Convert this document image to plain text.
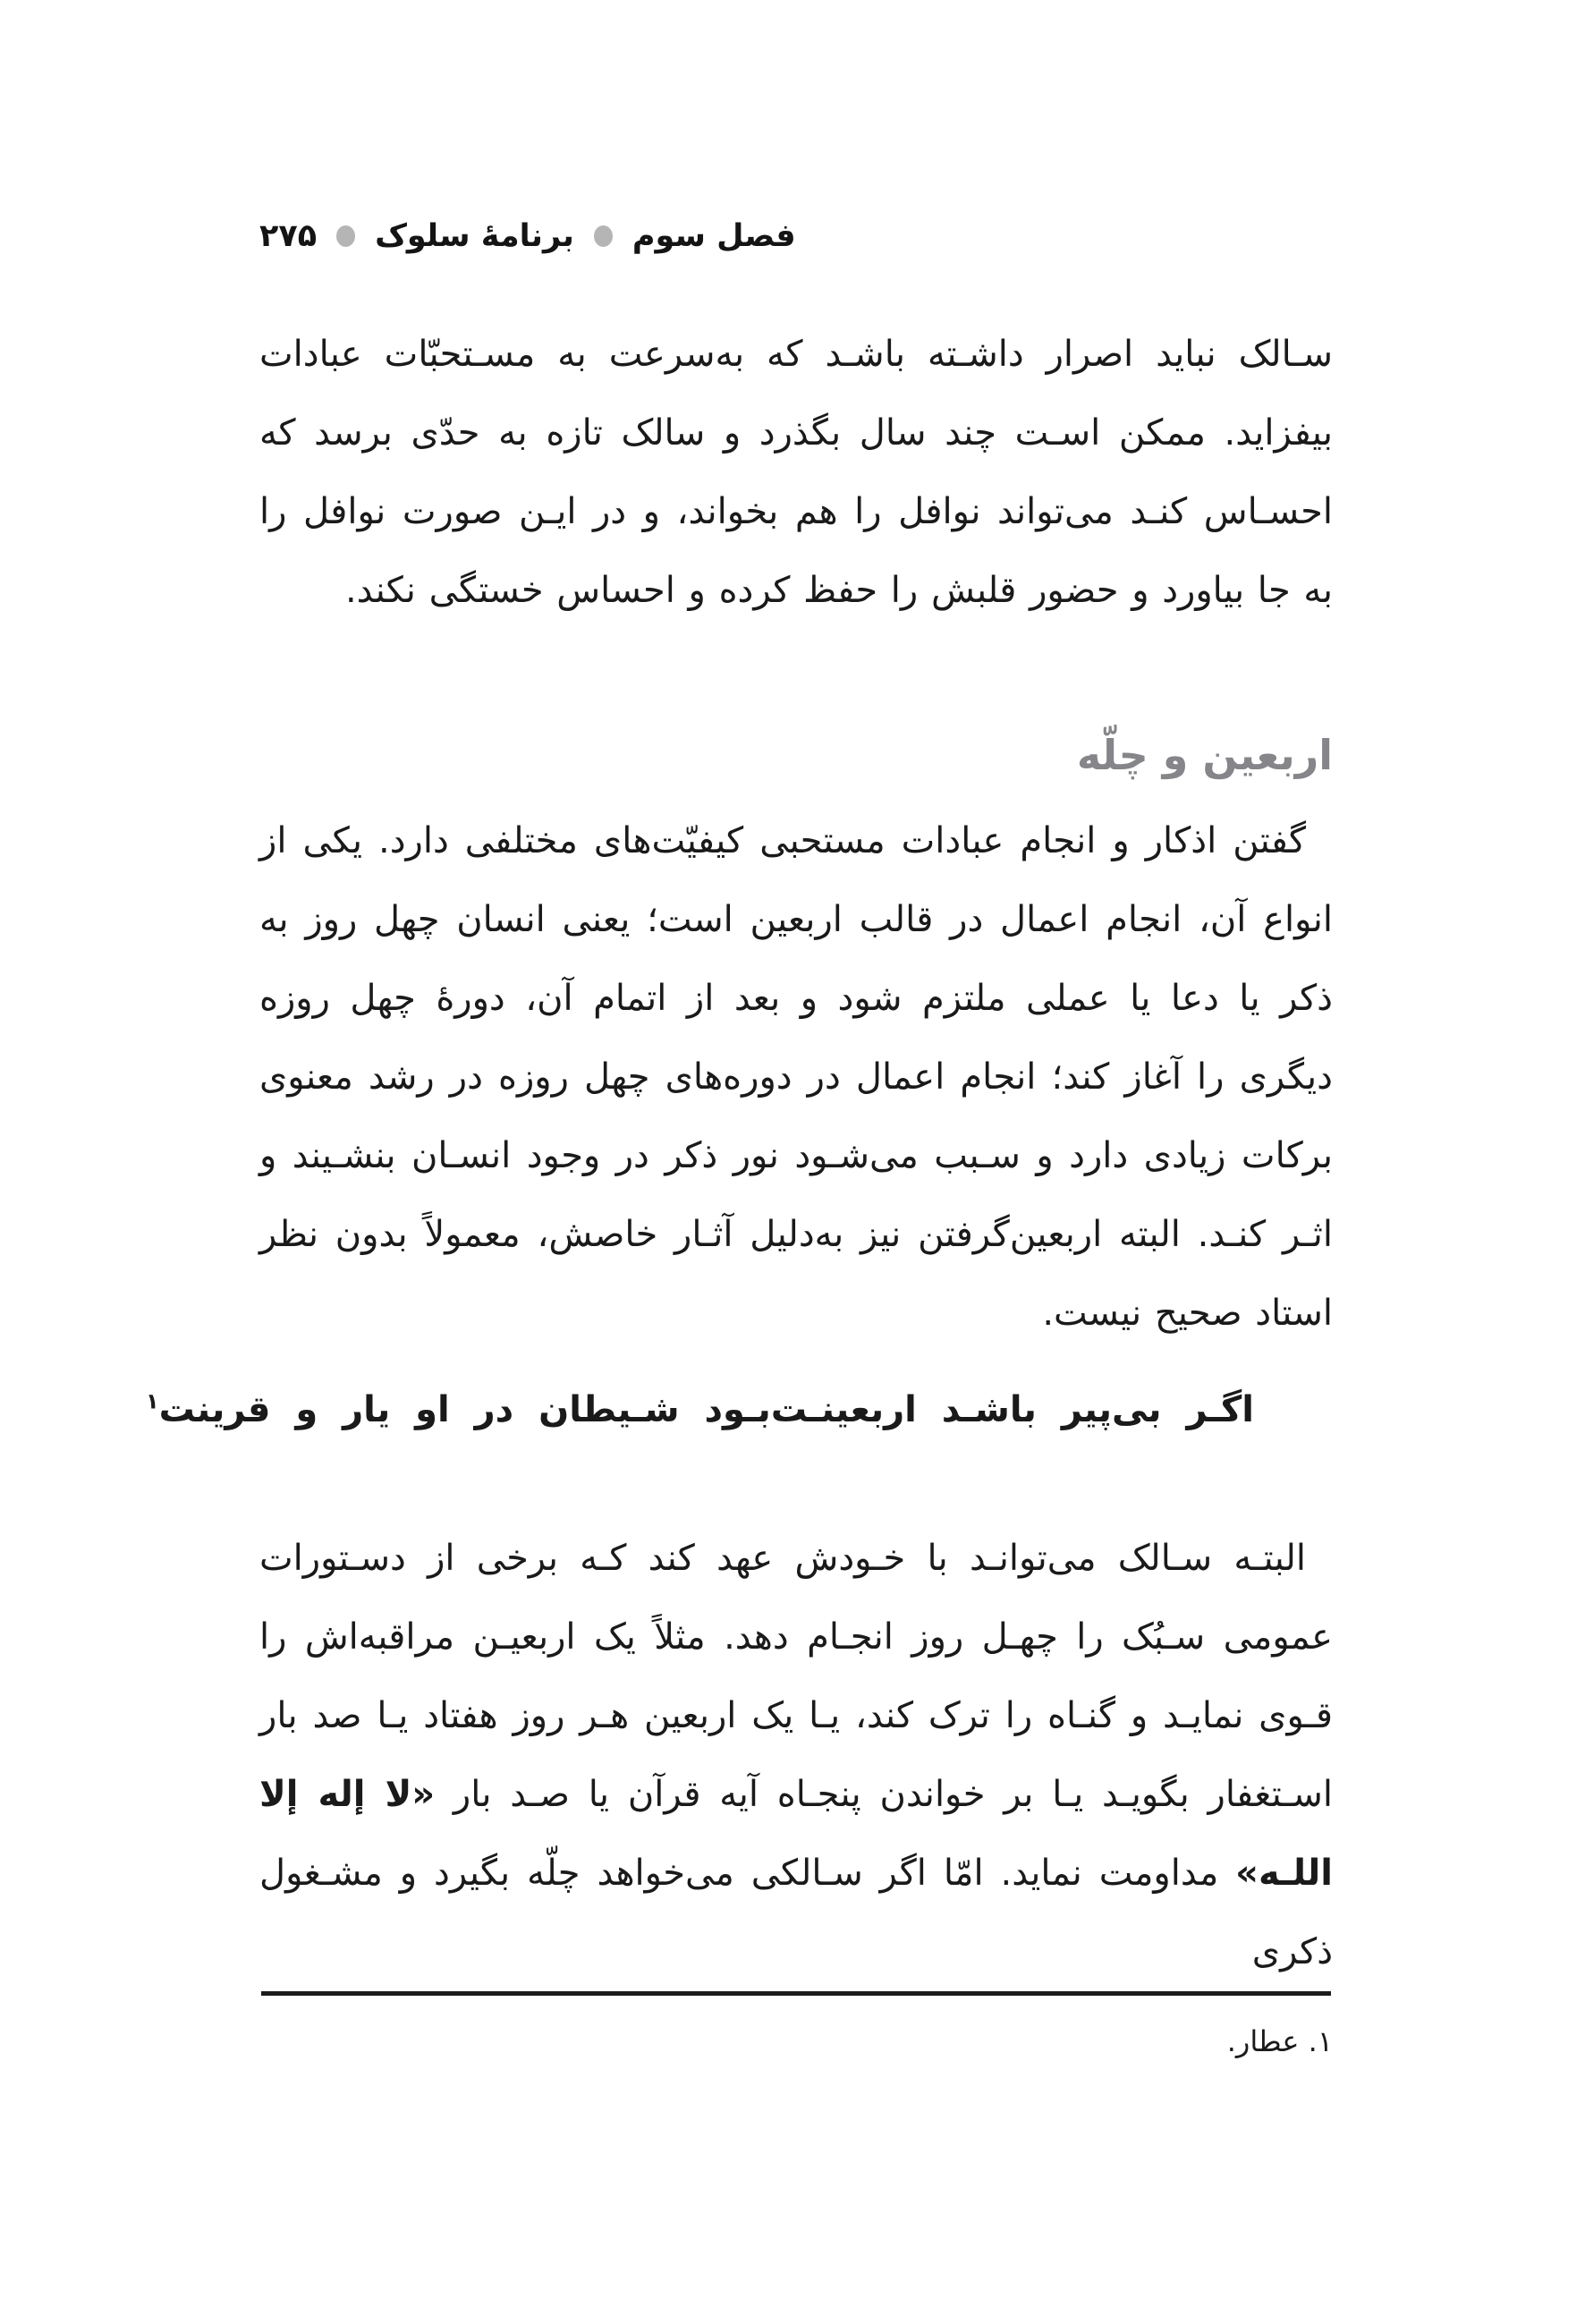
فصل سوم
برنامۀ سلوک
۲۷۵

سـالک نباید اصرار داشـته باشـد که به‌سرعت به مسـتحبّات عبادات بیفزاید. ممکن اسـت چند سال بگذرد و سالک تازه به حدّی برسد که احسـاس کنـد می‌تواند نوافل را هم بخواند، و در ایـن صورت نوافل را به جا بیاورد و حضور قلبش را حفظ کرده و احساس خستگی نکند.

اربعین و چلّه

گفتن اذکار و انجام عبادات مستحبی کیفیّت‌های مختلفی دارد. یکی از انواع آن، انجام اعمال در قالب اربعین است؛ یعنی انسان چهل روز به ذکر یا دعا یا عملی ملتزم شود و بعد از اتمام آن، دورۀ چهل روزه دیگری را آغاز کند؛ انجام اعمال در دوره‌های چهل روزه در رشد معنوی برکات زیادی دارد و سـبب می‌شـود نور ذکر در وجود انسـان بنشـیند و اثـر کنـد. البته اربعین‌گرفتن نیز به‌دلیل آثـار خاصش، معمولاً بدون نظر استاد صحیح نیست.

اگـر بی‌پیر باشـد اربعینـت
بـود شـیطان در او یار و قرینت$^۱$

البتـه سـالک می‌توانـد با خـودش عهد کند کـه برخی از دسـتورات عمومی سـبُک را چهـل روز انجـام دهد. مثلاً یک اربعیـن مراقبه‌اش را قـوی نمایـد و گنـاه را ترک کند، یـا یک اربعین هـر روز هفتاد یـا صد بار اسـتغفار بگویـد یـا بر خواندن پنجـاه آیه قرآن یا صـد بار «لا إله إلا اللـه» مداومت نماید. امّا اگر سـالکی می‌خواهد چلّه بگیرد و مشـغول ذکری

۱. عطار.
